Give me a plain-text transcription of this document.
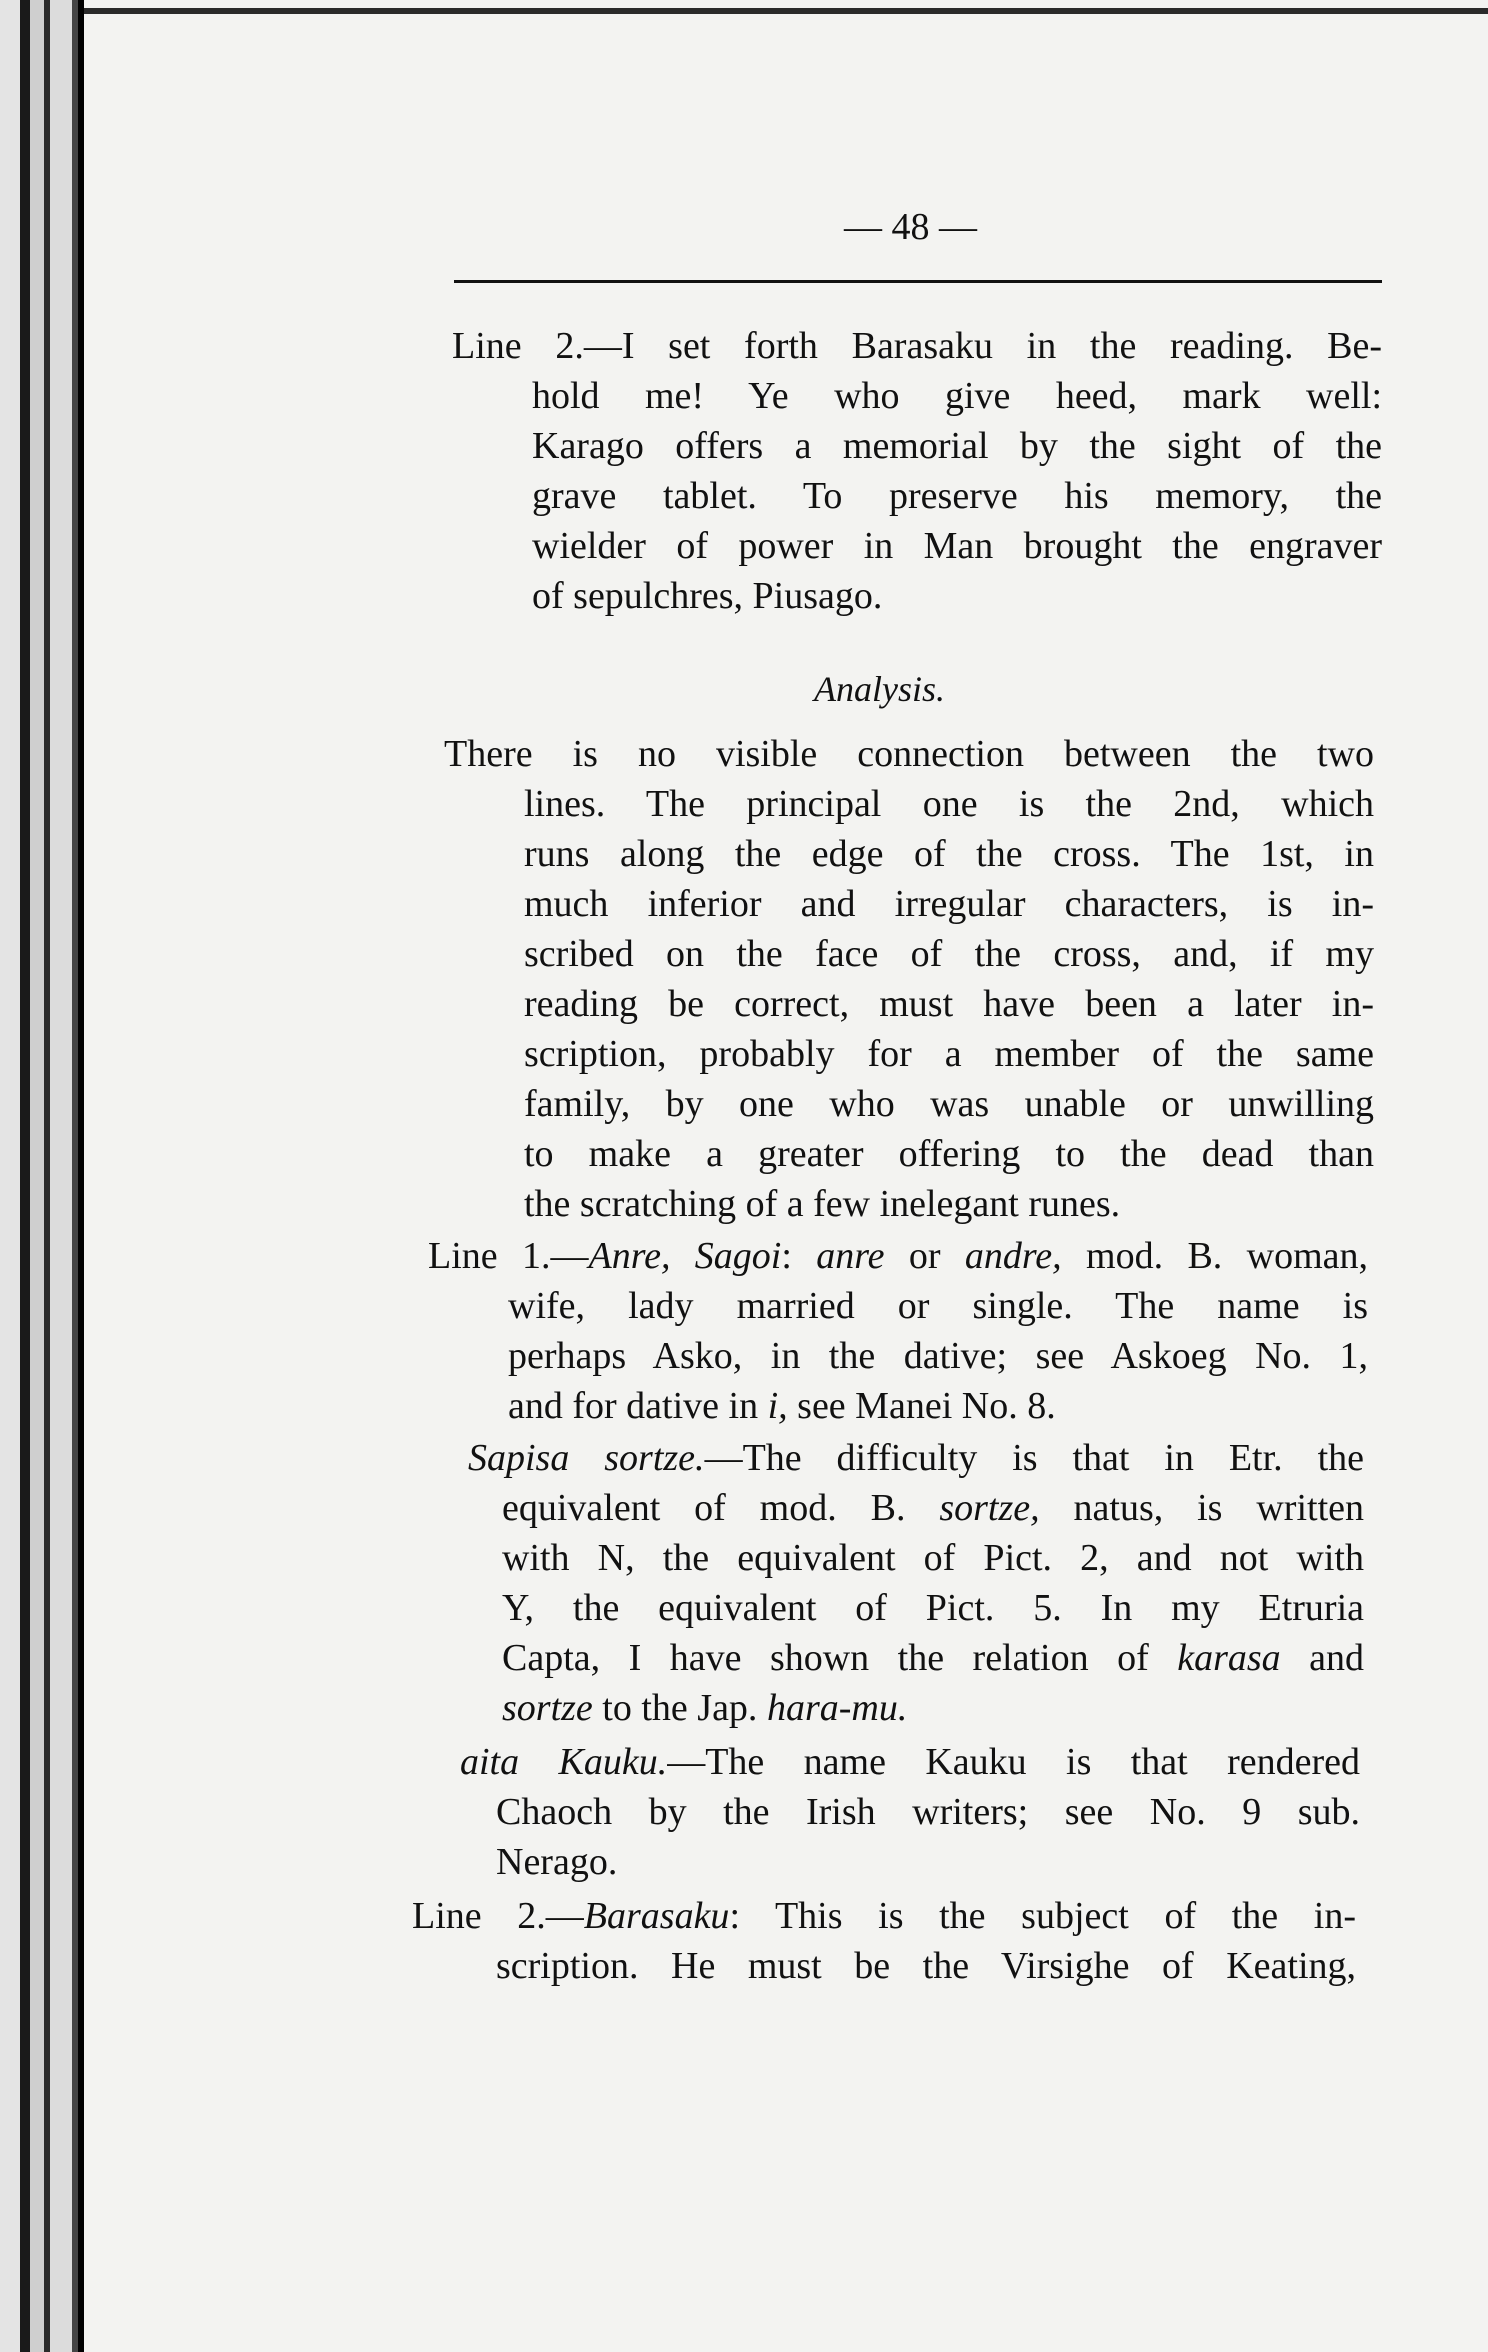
— 48 —
Line 2.—I set forth Barasaku in the reading. Be-
hold me! Ye who give heed, mark well:
Karago offers a memorial by the sight of the
grave tablet. To preserve his memory, the
wielder of power in Man brought the engraver
of sepulchres, Piusago.
Analysis.
There is no visible connection between the two
lines. The principal one is the 2nd, which
runs along the edge of the cross. The 1st, in
much inferior and irregular characters, is in-
scribed on the face of the cross, and, if my
reading be correct, must have been a later in-
scription, probably for a member of the same
family, by one who was unable or unwilling
to make a greater offering to the dead than
the scratching of a few inelegant runes.
Line 1.—Anre, Sagoi: anre or andre, mod. B. woman,
wife, lady married or single. The name is
perhaps Asko, in the dative; see Askoeg No. 1,
and for dative in i, see Manei No. 8.
Sapisa sortze.—The difficulty is that in Etr. the
equivalent of mod. B. sortze, natus, is written
with N, the equivalent of Pict. 2, and not with
Y, the equivalent of Pict. 5. In my Etruria
Capta, I have shown the relation of karasa and
sortze to the Jap. hara-mu.
aita Kauku.—The name Kauku is that rendered
Chaoch by the Irish writers; see No. 9 sub.
Nerago.
Line 2.—Barasaku: This is the subject of the in-
scription. He must be the Virsighe of Keating,
